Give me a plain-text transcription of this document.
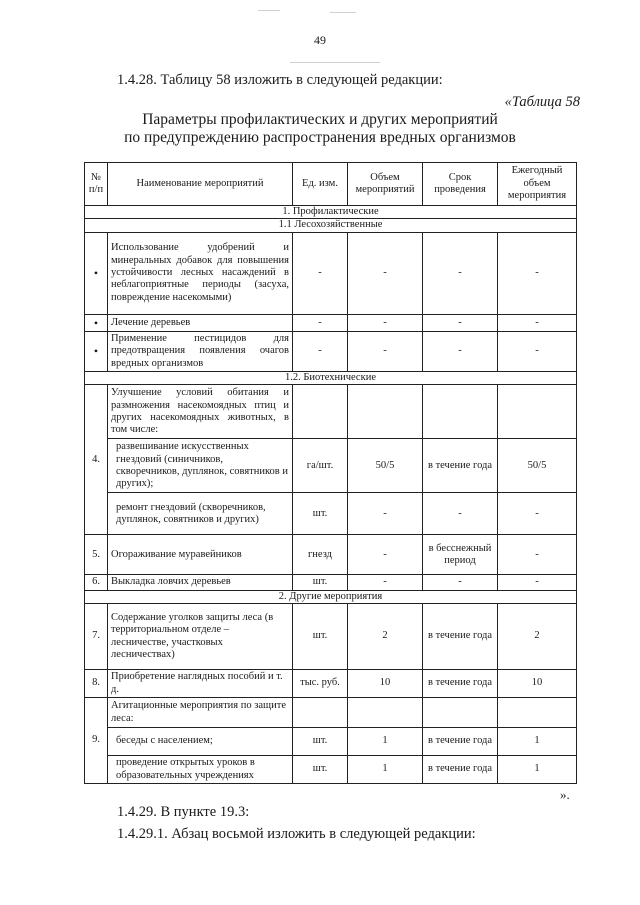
49
1.4.28. Таблицу 58 изложить в следующей редакции:
«Таблица 58
Параметры профилактических и других мероприятий
по предупреждению распространения вредных организмов
№ п/п	Наименование мероприятий	Ед. изм.	Объем мероприятий	Срок проведения	Ежегодный объем мероприятия
1. Профилактические					
1.1 Лесохозяйственные					
•	Использование удобрений и минеральных добавок для повышения устойчивости лесных насаждений в неблагоприятные периоды (засуха, повреждение насекомыми)	-	-	-	-
•	Лечение деревьев	-	-	-	-
•	Применение пестицидов для предотвращения появления очагов вредных организмов	-	-	-	-
1.2. Биотехнические					
4.	Улучшение условий обитания и размножения насекомоядных птиц и других насекомоядных животных, в том числе:				
	развешивание искусственных гнездовий (синичников, скворечников, дуплянок, совятников и других);	га/шт.	50/5	в течение года	50/5
	ремонт гнездовий (скворечников, дуплянок, совятников и других)	шт.	-	-	-
5.	Огораживание муравейников	гнезд	-	в бесснежный период	-
6.	Выкладка ловчих деревьев	шт.	-	-	-
2. Другие мероприятия					
7.	Содержание уголков защиты леса (в территориальном отделе – лесничестве, участковых лесничествах)	шт.	2	в течение года	2
8.	Приобретение наглядных пособий и т. д.	тыс. руб.	10	в течение года	10
9.	Агитационные мероприятия по защите леса:				
	беседы с населением;	шт.	1	в течение года	1
	проведение открытых уроков в образовательных учреждениях	шт.	1	в течение года	1
».
1.4.29. В пункте 19.3:
1.4.29.1. Абзац восьмой изложить в следующей редакции:
